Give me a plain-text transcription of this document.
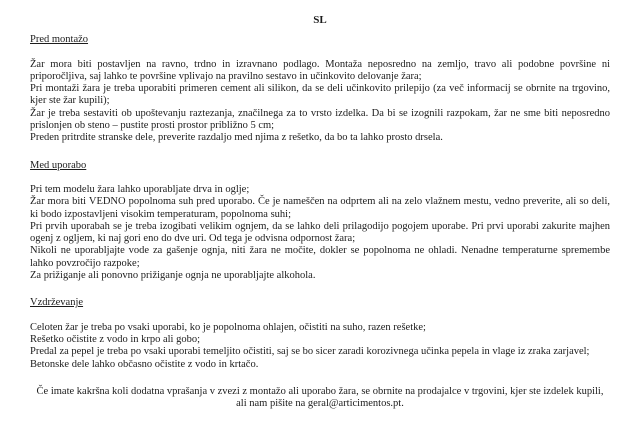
SL
Pred montažo

Žar mora biti postavljen na ravno, trdno in izravnano podlago. Montaža neposredno na zemljo, travo ali podobne površine ni priporočljiva, saj lahko te površine vplivajo na pravilno sestavo in učinkovito delovanje žara;

Pri montaži žara je treba uporabiti primeren cement ali silikon, da se deli učinkovito prilepijo (za več informacij se obrnite na trgovino, kjer ste žar kupili);

Žar je treba sestaviti ob upoštevanju raztezanja, značilnega za to vrsto izdelka. Da bi se izognili razpokam, žar ne sme biti neposredno prislonjen ob steno – pustite prosti prostor približno 5 cm;

Preden pritrdite stranske dele, preverite razdaljo med njima z rešetko, da bo ta lahko prosto drsela.

Med uporabo

Pri tem modelu žara lahko uporabljate drva in oglje;

Žar mora biti VEDNO popolnoma suh pred uporabo. Če je nameščen na odprtem ali na zelo vlažnem mestu, vedno preverite, ali so deli, ki bodo izpostavljeni visokim temperaturam, popolnoma suhi;

Pri prvih uporabah se je treba izogibati velikim ognjem, da se lahko deli prilagodijo pogojem uporabe. Pri prvi uporabi zakurite majhen ogenj z ogljem, ki naj gori eno do dve uri. Od tega je odvisna odpornost žara;

Nikoli ne uporabljajte vode za gašenje ognja, niti žara ne močite, dokler se popolnoma ne ohladi. Nenadne temperaturne spremembe lahko povzročijo razpoke;

Za prižiganje ali ponovno prižiganje ognja ne uporabljajte alkohola.

Vzdrževanje

Celoten žar je treba po vsaki uporabi, ko je popolnoma ohlajen, očistiti na suho, razen rešetke;

Rešetko očistite z vodo in krpo ali gobo;

Predal za pepel je treba po vsaki uporabi temeljito očistiti, saj se bo sicer zaradi korozivnega učinka pepela in vlage iz zraka zarjavel;

Betonske dele lahko občasno očistite z vodo in krtačo.

Če imate kakršna koli dodatna vprašanja v zvezi z montažo ali uporabo žara, se obrnite na prodajalce v trgovini, kjer ste izdelek kupili, ali nam pišite na geral@articimentos.pt.
